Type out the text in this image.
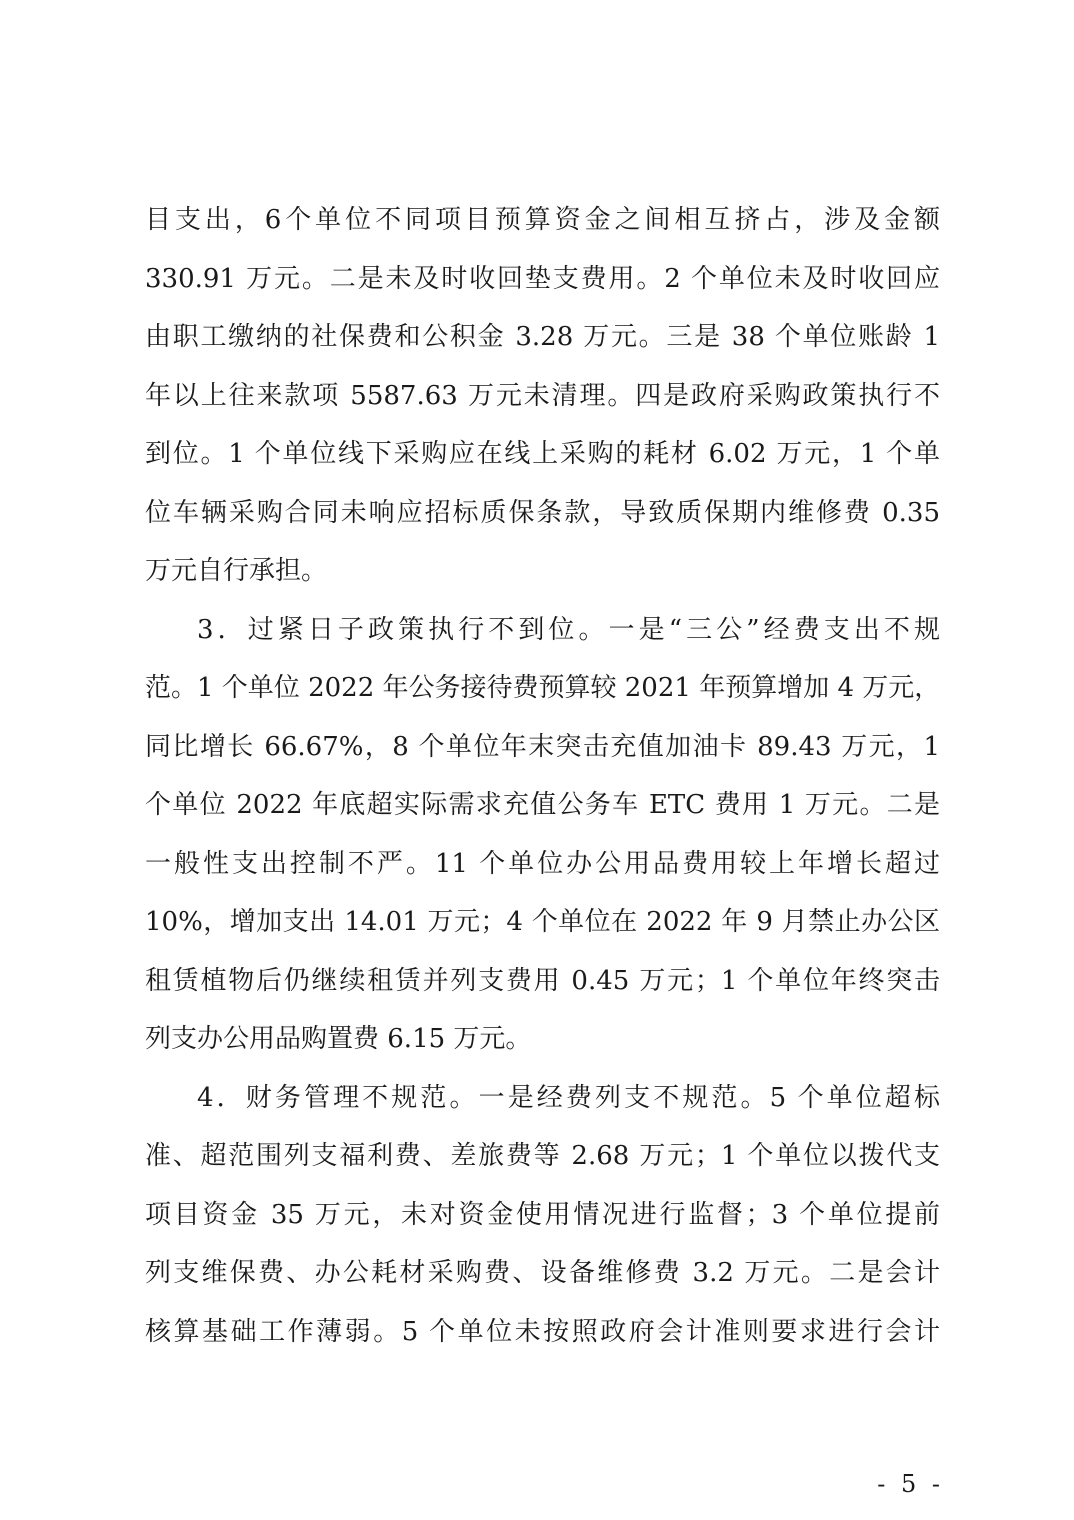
目支出，6个单位不同项目预算资金之间相互挤占，涉及金额
330.91 万元。二是未及时收回垫支费用。2 个单位未及时收回应
由职工缴纳的社保费和公积金 3.28 万元。三是 38 个单位账龄 1
年以上往来款项 5587.63 万元未清理。四是政府采购政策执行不
到位。1 个单位线下采购应在线上采购的耗材 6.02 万元，1 个单
位车辆采购合同未响应招标质保条款，导致质保期内维修费 0.35
万元自行承担。
3．过紧日子政策执行不到位。一是“三公”经费支出不规
范。1 个单位 2022 年公务接待费预算较 2021 年预算增加 4 万元，
同比增长 66.67%，8 个单位年末突击充值加油卡 89.43 万元，1
个单位 2022 年底超实际需求充值公务车 ETC 费用 1 万元。二是
一般性支出控制不严。11 个单位办公用品费用较上年增长超过
10%，增加支出 14.01 万元；4 个单位在 2022 年 9 月禁止办公区
租赁植物后仍继续租赁并列支费用 0.45 万元；1 个单位年终突击
列支办公用品购置费 6.15 万元。
4．财务管理不规范。一是经费列支不规范。5 个单位超标
准、超范围列支福利费、差旅费等 2.68 万元；1 个单位以拨代支
项目资金 35 万元，未对资金使用情况进行监督；3 个单位提前
列支维保费、办公耗材采购费、设备维修费 3.2 万元。二是会计
核算基础工作薄弱。5 个单位未按照政府会计准则要求进行会计
- 5 -
